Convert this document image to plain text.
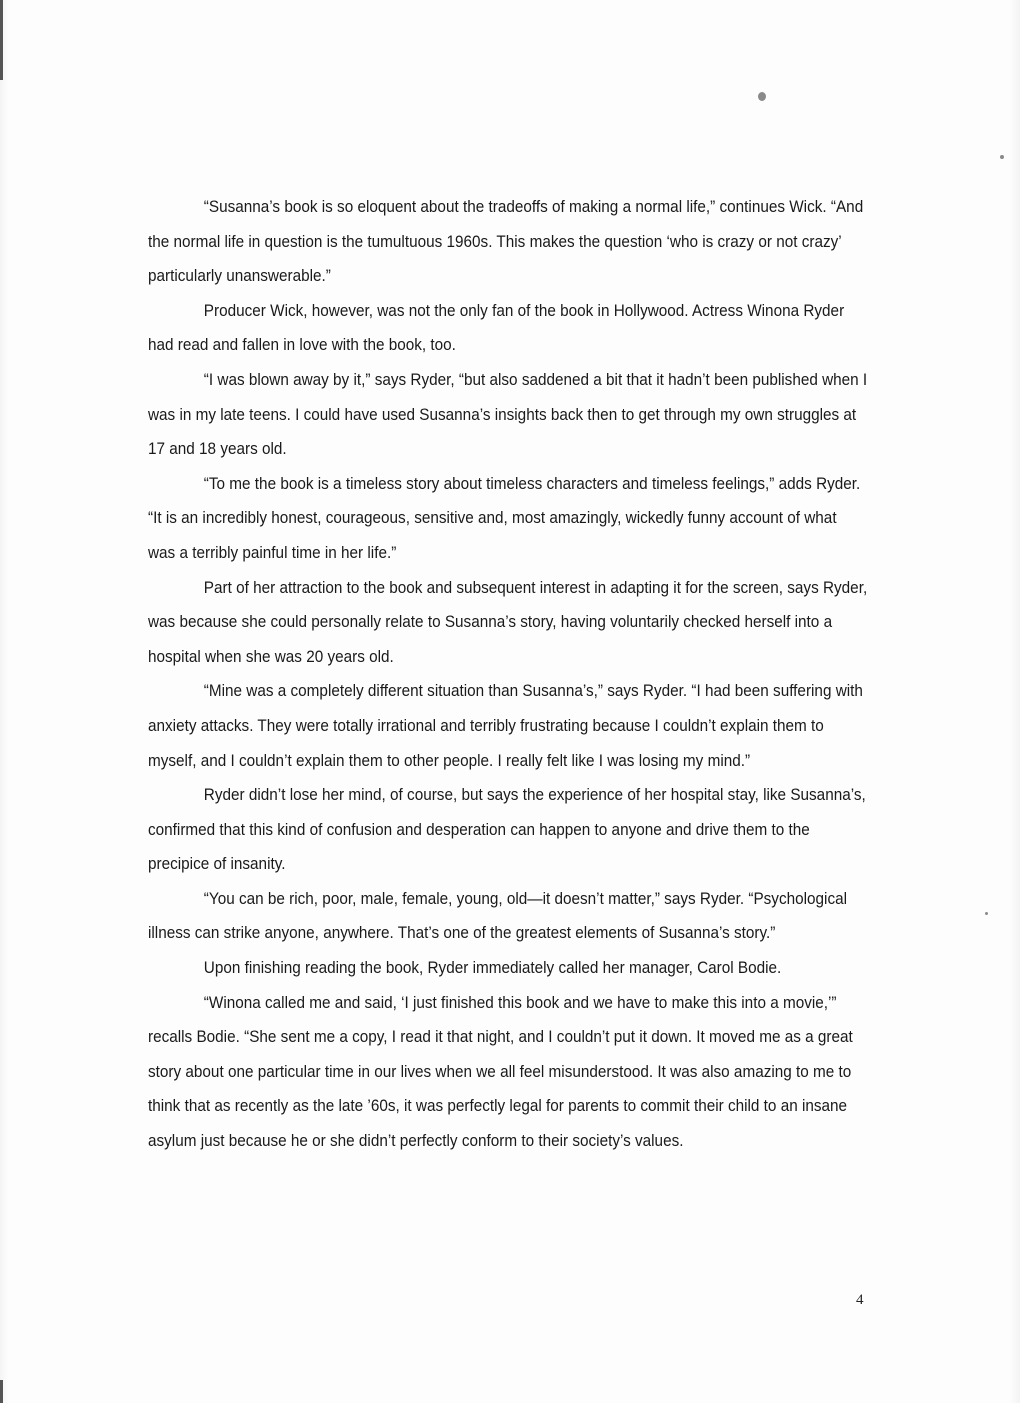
“Susanna’s book is so eloquent about the tradeoffs of making a normal life,” continues Wick. “And the normal life in question is the tumultuous 1960s. This makes the question ‘who is crazy or not crazy’ particularly unanswerable.”

Producer Wick, however, was not the only fan of the book in Hollywood. Actress Winona Ryder had read and fallen in love with the book, too.

“I was blown away by it,” says Ryder, “but also saddened a bit that it hadn’t been published when I was in my late teens. I could have used Susanna’s insights back then to get through my own struggles at 17 and 18 years old.

“To me the book is a timeless story about timeless characters and timeless feelings,” adds Ryder. “It is an incredibly honest, courageous, sensitive and, most amazingly, wickedly funny account of what was a terribly painful time in her life.”

Part of her attraction to the book and subsequent interest in adapting it for the screen, says Ryder, was because she could personally relate to Susanna’s story, having voluntarily checked herself into a hospital when she was 20 years old.

“Mine was a completely different situation than Susanna’s,” says Ryder. “I had been suffering with anxiety attacks. They were totally irrational and terribly frustrating because I couldn’t explain them to myself, and I couldn’t explain them to other people. I really felt like I was losing my mind.”

Ryder didn’t lose her mind, of course, but says the experience of her hospital stay, like Susanna’s, confirmed that this kind of confusion and desperation can happen to anyone and drive them to the precipice of insanity.

“You can be rich, poor, male, female, young, old—it doesn’t matter,” says Ryder. “Psychological illness can strike anyone, anywhere. That’s one of the greatest elements of Susanna’s story.”

Upon finishing reading the book, Ryder immediately called her manager, Carol Bodie.

“Winona called me and said, ‘I just finished this book and we have to make this into a movie,’” recalls Bodie. “She sent me a copy, I read it that night, and I couldn’t put it down. It moved me as a great story about one particular time in our lives when we all feel misunderstood. It was also amazing to me to think that as recently as the late ’60s, it was perfectly legal for parents to commit their child to an insane asylum just because he or she didn’t perfectly conform to their society’s values.

4
